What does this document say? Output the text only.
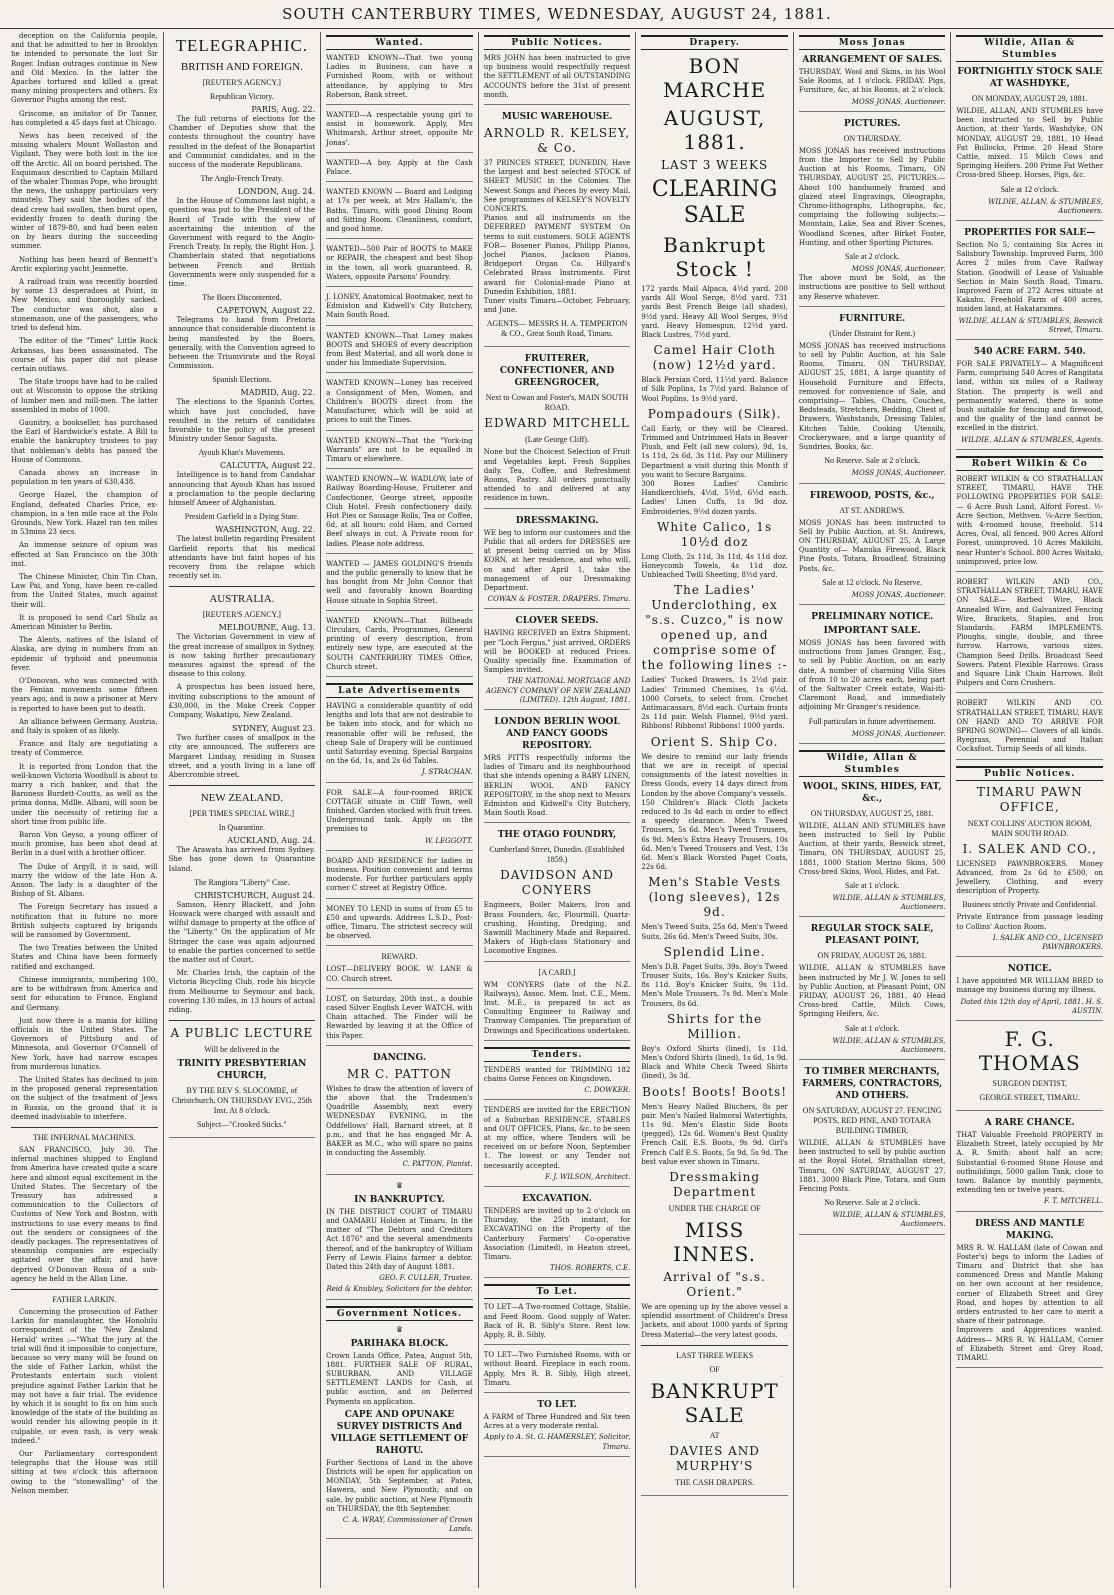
SOUTH CANTERBURY TIMES, WEDNESDAY, AUGUST 24, 1881.

deception on the California people, and that he admitted to her in Brooklyn he intended to personate the lost Sir Roger. Indian outrages continue in New and Old Mexico. In the latter the Apaches tortured and killed a great many mining prospecters and others. Ex Governor Pughs among the rest.

Griscome, an imitator of Dr Tanner, has completed a 45 days fast at Chicago.

News has been received of the missing whalers Mount Wollaston and Vigilant. They were both lost in the ice off the Arctic. All on board perished. The Esquimaux described to Captain Millard of the whaler Thomas Pope, who brought the news, the unhappy particulars very minutely. They said the bodies of the dead crew had swollen, then burst open, evidently frozen to death during the winter of 1879-80, and had been eaten on by bears during the succeeding summer.

Nothing has been heard of Bennett's Arctic exploring yacht Jeannette.

A railroad train was recently boarded by some 13 desperadoes at Point, in New Mexico, and thoroughly sacked. The conductor was shot, also a stonemason, one of the passengers, who tried to defend him.

The editor of the "Times" Little Rock Arkansas, has been assassinated. The course of his paper did not please certain outlaws.

The State troops have had to be called out at Wisconsin to oppose the striking of lumber men and mill-men. The latter assembled in mobs of 1000.

Gaunitry, a bookseller, has purchased the Earl of Hardwicke's estate. A Bill to enable the bankruptcy trustees to pay that nobleman's debts has passed the House of Commons.

Canada shows an increase in population in ten years of 630,438.

George Hazel, the champion of England, defeated Charles Price, ex-champion, in a ten mile race at the Polo Grounds, New York. Hazel ran ten miles in 53mins 23 secs.

An immense seizure of opium was effected at San Francisco on the 30th inst.

The Chinese Minister, Chin Tin Chan, Law Pai, and Yong, have been re-called from the United States, much against their will.

It is proposed to send Carl Shulz as American Minister to Berlin.

The Alents, natives of the Island of Alaska, are dying in numbers from an epidemic of typhoid and pneumonia fever.

O'Donovan, who was connected with the Fenian movements some fifteen years ago, and is now a prisoner at Merv is reported to have been put to death.

An alliance between Germany, Austria, and Italy is spoken of as likely.

France and Italy are negotiating a treaty of Commerce.

It is reported from London that the well-known Victoria Woodhull is about to marry a rich banker, and that the Baroness Burdett-Coutts, as well as the prima donna, Mdlle. Albani, will soon be under the necessity of retiring for a short time from public life.

Baron Von Geyso, a young officer of much promise, has been shot dead at Berlin in a duel with a brother officer.

The Duke of Argyll, it is said, will marry the widow of the late Hon A. Anson. The lady is a daughter of the Bishop of St. Albans.

The Foreign Secretary has issued a notification that in future no more British subjects captured by brigands will be ransomed by Government.

The two Treaties between the United States and China have been formerly ratified and exchanged.

Chinese immigrants, numbering 100, are to be withdrawn from America and sent for education to France, England and Germany.

Just now there is a mania for killing officials in the United States. The Governors of Pittsburg and of Minnesota, and Governor O'Connell of New York, have had narrow escapes from murderous lunatics.

The United States has declined to join in the proposed general representation on the subject of the treatment of Jews in Russia, on the ground that it is deemed inadvisable to interfere.

THE INFERNAL MACHINES.

SAN FRANCISCO, July 30. The infernal machines shipped to England from America have created quite a scare here and almost equal excitement in the United States. The Secretary of the Treasury has addressed a communication to the Collectors of Customs of New York and Boston, with instructions to use every means to find out the senders or consignees of the deadly packages. The representatives of steamship companies are especially agitated over the affair, and have deprived O'Donovan Rossa of a sub-agency he held in the Allan Line.

FATHER LARKIN.

Concerning the prosecution of Father Larkin for manslaughter, the Honolulu correspondent of the 'New Zealand Herald' writes :—"What the jury at the trial will find it impossible to conjecture, because so very many will be found on the side of Father Larkin, whilst the Protestants entertain such violent prejudice against Father Larkin that he may not have a fair trial. The evidence by which it is sought to fix on him such knowledge of the state of the building as would render his allowing people in it culpable, or even rash, is very weak indeed."

Our Parliamentary correspondent telegraphs that the House was still sitting at two o'clock this afternoon owing to the "stonewalling" of the Nelson member.

TELEGRAPHIC.
BRITISH AND FOREIGN.
[REUTER'S AGENCY.]
Republican Victory.
PARIS, Aug. 22.

The full returns of elections for the Chamber of Deputies show that the contests throughout the country have resulted in the defeat of the Bonapartist and Communist candidates, and in the success of the moderate Republicans.

The Anglo-French Treaty.
LONDON, Aug. 24.

In the House of Commons last night, a question was put to the President of the Board of Trade with the view of ascertaining the intention of the Government with regard to the Anglo-French Treaty. In reply, the Right Hon. J. Chamberlain stated that negotiations between French and British Governments were only suspended for a time.

The Boers Discontented.
CAPETOWN, August 22.

Telegrams to hand from Pretoria announce that considerable discontent is being manifested by the Boers, generally, with the Convention agreed to between the Triumvirate and the Royal Commission.

Spanish Elections.
MADRID, Aug. 22.

The elections to the Spanish Cortes, which have just concluded, have resulted in the return of candidates favorable to the policy of the present Ministry under Senor Sagasta.

Ayoub Khan's Movements.
CALCUTTA, August 22.

Intelligence is to hand from Candahar announcing that Ayoub Khan has issued a proclamation to the people declaring himself Ameer of Afghanistan.

President Garfield in a Dying State.
WASHINGTON, Aug. 22.

The latest bulletin regarding President Garfield reports that his medical attendants have but faint hopes of his recovery from the relapse which recently set in.

AUSTRALIA.
[REUTER'S AGENCY.]
MELBOURNE, Aug. 13.

The Victorian Government in view of the great increase of smallpox in Sydney, is now taking further precautionary measures against the spread of the disease to this colony.

A prospectus has been issued here, inviting subscriptions to the amount of £30,000, in the Moke Creek Copper Company, Wakatipu, New Zealand.

SYDNEY, August 23.

Two further cases of smallpox in the city are announced. The sufferers are Margaret Lindsay, residing in Sussex street, and a youth living in a lane off Abercrombie street.

NEW ZEALAND.
[PER TIMES SPECIAL WIRE.]
In Quarantine.
AUCKLAND, Aug. 24.

The Arawata has arrived from Sydney. She has gone down to Quarantine Island.

The Rangiora "Liberty" Case.
CHRISTCHURCH, August 24.

Samson, Henry Blackett, and John Hoswack were charged with assault and wilful damage to property at the office of the "Liberty." On the application of Mr Stringer the case was again adjourned to enable the parties concerned to settle the matter out of Court.

Mr. Charles Irish, the captain of the Victoria Bicycling Club, rode his bicycle from Melbourne to Seymour and back, covering 130 miles, in 13 hours of actual riding.

A PUBLIC LECTURE
Will be delivered in the
TRINITY PRESBYTERIAN CHURCH,
BY THE REV S. SLOCOMBE, of Christchurch, ON THURSDAY EVG., 25th Inst. At 8 o'clock.
Subject—"Crooked Sticks."
Wanted.
WANTED KNOWN—That two young Ladies in Business, can have a Furnished Room, with or without attendance, by applying to Mrs Roberson, Bank street.
WANTED—A respectable young girl to assist in housework. Apply, Mrs Whitmarsh, Arthur street, opposite Mr Jonas'.
WANTED—A boy. Apply at the Cash Palace.
WANTED KNOWN — Board and Lodging at 17s per week, at Mrs Hallam's, the Baths, Timaru, with good Dining Room and Sitting Room. Cleanliness, comfort, and good home.
WANTED—500 Pair of BOOTS to MAKE or REPAIR, the cheapest and best Shop in the town, all work guaranteed. R. Waters, opposite Parsons' Foundry.
J. LONEY, Anatomical Bootmaker, next to Edmiston and Kidwell's City Butchery, Main South Road.
WANTED KNOWN—That Loney makes BOOTS and SHOES of every description from Best Material, and all work done is under his Immediate Supervision.
WANTED KNOWN—Loney has received a Consignment of Men, Women, and Children's BOOTS direct from the Manufacturer, which will be sold at prices to suit the Times.
WANTED KNOWN—That the "York-ing Warrants" are not to be equalled in Timaru or elsewhere.
WANTED KNOWN—W. WADLOW, late of Railway Boarding-House, Fruiterer and Confectioner, George street, opposite Club Hotel. Fresh confectionery daily. Hot Pies or Sausage Rolls, Tea or Coffee, 6d, at all hours: cold Ham, and Corned Beef always in cut. A Private room for ladies. Please note address.
WANTED — JAMES GOLDING'S friends and the public generally to know that he has bought from Mr John Connor that well and favorably known Boarding House situate in Sophia Street.
WANTED KNOWN—That Billheads Circulars, Cards, Programmes, General printing of every description, from entirely new type, are executed at the SOUTH CANTERBURY TIMES Office, Church street.
Late Advertisements
HAVING a considerable quantity of odd lengths and lots that are not desirable to be taken into stock, and for which no reasonable offer will be refused, the cheap Sale of Drapery will be continued until Saturday evening. Special Bargains on the 6d, 1s, and 2s 6d Tables.
J. STRACHAN.
FOR SALE—A four-roomed BRICK COTTAGE situate in Cliff Town, well finished. Garden stocked with fruit trees. Underground tank. Apply on the premises to
W. LEGGOTT.
BOARD AND RESIDENCE for ladies in business. Position convenient and terms moderate. For further particulars apply corner C street at Registry Office.
MONEY TO LEND in sums of from £5 to £50 and upwards. Address L.S.D., Post-office, Timaru. The strictest secrecy will be observed.
REWARD.
LOST—DELIVERY BOOK. W. LANE & CO. Church street.
LOST, on Saturday, 20th inst., a double cased Silver English Lever WATCH, with Chain attached. The Finder will be Rewarded by leaving it at the Office of this Paper.
DANCING.
MR C. PATTON
Wishes to draw the attention of lovers of the above that the Tradesmen's Quadrille Assembly, next every WEDNESDAY EVENING, in the Oddfellows' Hall, Barnard street, at 8 p.m., and that he has engaged Mr A. BAKER as M.C., who will spare no pains in conducting the Assembly.
C. PATTON, Pianist.
♛
IN BANKRUPTCY.
IN THE DISTRICT COURT of TIMARU and OAMARU Holden at Timaru. In the matter of "The Debtors and Creditors Act 1876" and the several amendments thereof, and of the bankruptcy of William Ferry of Lewis Flains farmer a debtor. Dated this 24th day of August 1881.
GEO. F. CULLER, Trustee.
Reid & Knubley, Solicitors for the debtor.
Government Notices.
♛
PARIHAKA BLOCK.
Crown Lands Office, Patea, August 5th, 1881. FURTHER SALE OF RURAL, SUBURBAN, AND VILLAGE SETTLEMENT LANDS for Cash, at public auction, and on Deferred Payments on application.
CAPE AND OPUNAKE SURVEY DISTRICTS And VILLAGE SETTLEMENT OF RAHOTU.
Further Sections of Land in the above Districts will be open for application on MONDAY, 5th September, at Patea, Hawera, and New Plymouth; and on sale, by public auction, at New Plymouth on THURSDAY, the 8th September.
C. A. WRAY, Commissioner of Crown Lands.
Public Notices.
MRS JOHN has been instructed to give up business would respectfully request the SETTLEMENT of all OUTSTANDING ACCOUNTS before the 31st of present month.
MUSIC WAREHOUSE.
ARNOLD R. KELSEY, & Co.
37 PRINCES STREET, DUNEDIN, Have the largest and best selected STOCK of SHEET MUSIC in the Colonies. The Newest Songs and Pieces by every Mail. See programmes of KELSEY'S NOVELTY CONCERTS.
Pianos and all instruments on the DEFERRED PAYMENT SYSTEM On terms to suit customers. SOLE AGENTS FOR— Bosener Pianos, Philipp Pianos, Jochel Pianos, Jackson Pianos, Bridgeport Organ Co. Hillyard's Celebrated Brass Instruments. First award for Colonial-made Piano at Dunedin Exhibition, 1881.
Tuner visits Timaru—October, February, and June.
AGENTS— MESSRS H. A. TEMPERTON & CO., Great South Road, Timaru.
FRUITERER, CONFECTIONER, AND GREENGROCER,
Next to Cowan and Foster's, MAIN SOUTH ROAD.
EDWARD MITCHELL
(Late George Cliff).
None but the Choicest Selection of Fruit and Vegetables kept. Fresh Supplies daily. Tea, Coffee, and Refreshment Rooms, Pastry. All orders punctually attended to and delivered at any residence in town.
DRESSMAKING.
WE beg to inform our customers and the Public that all orders for DRESSES are at present being carried on by Miss KORN, at her residence, and who will, on and after April 1, take the management of our Dressmaking Department.
COWAN & FOSTER, DRAPERS. Timaru.
CLOVER SEEDS.
HAVING RECEIVED an Extra Shipment, per "Loch Fergus," just arrived, ORDERS will be BOOKED at reduced Prices. Quality specially fine. Examination of Samples invited.
THE NATIONAL MORTGAGE AND AGENCY COMPANY OF NEW ZEALAND (LIMITED). 12th August, 1881.
LONDON BERLIN WOOL AND FANCY GOODS REPOSITORY.
MRS PITTS respectfully informs the ladies of Timaru and its neighbourhood that she intends opening a BABY LINEN, BERLIN WOOL AND FANCY REPOSITORY, in the shop next to Messrs Edmiston and Kidwell's City Butchery, Main South Road.
THE OTAGO FOUNDRY,
Cumberland Street, Dunedin. (Established 1859.)
DAVIDSON AND CONYERS
Engineers, Boiler Makers, Iron and Brass Founders, &c, Flourmill, Quartz-crushing, Hoisting, Dredging, and Sawmill Machinery Made and Repaired. Makers of High-class Stationary and Locomotive Engines.
[A CARD.]
WM CONYERS (late of the N.Z. Railways), Assoc. Mem. Inst. C.E., Mem. Inst. M.E., is prepared to act as Consulting Engineer to Railway and Tramway Companies. The preparation of Drawings and Specifications undertaken.
Tenders.
TENDERS wanted for TRIMMING 182 chains Gorse Fences on Kingsdown.
C. DOWKER.
TENDERS are invited for the ERECTION of a Suburban RESIDENCE, STABLES and OUT OFFICES, Plans, &c, to be seen at my office, where Tenders will be received on or before Noon, September 1. The lowest or any Tender not necessarily accepted.
F. J. WILSON, Architect.
EXCAVATION.
TENDERS are invited up to 2 o'clock on Thursday, the 25th instant, for EXCAVATING on the Property of the Canterbury Farmers' Co-operative Association (Limited), in Heaton street, Timaru.
THOS. ROBERTS, C.E.
To Let.
TO LET—A Two-roomed Cottage, Stable, and Feed Room. Good supply of Water. Back of R. B. Sibly's Store. Rent low. Apply, R. B. Sibly.
TO LET—Two Furnished Rooms, with or without Board. Fireplace in each room. Apply, Mrs R. B. Sibly, High street, Timaru.
TO LET.
A FARM of Three Hundred and Six teen Acres at a very moderate rental.
Apply to A. St. G. HAMERSLEY, Solicitor, Timaru.
Drapery.
BON MARCHE
AUGUST, 1881.
LAST 3 WEEKS
CLEARING SALE
Bankrupt Stock !
172 yards Mail Alpaca, 4½d yard. 200 yards All Wool Serge, 8½d yard. 731 yards Best French Beige (all shades), 9½d yard. Heavy All Wool Serges, 9½d yard. Heavy Homespun, 12½d yard. Black Lustres, 7½d yard.
Camel Hair Cloth (now) 12½d yard.
Black Persian Cord, 11½d yard. Balance of Silk Poplins, 1s 7½d yard. Balance of Wool Poplins, 1s 9½d yard.
Pompadours (Silk).
Call Early, or they will be Cleared. Trimmed and Untrimmed Hats in Beaver Plush, and Felt (all new colors), 9d, 1s, 1s 11d, 2s 6d, 3s 11d. Pay our Millinery Department a visit during this Month if you want to Secure Bargains.
300 Boxes Ladies' Cambric Handkerchiefs, 4½d, 5½d, 6½d each. Ladies' Linen Cuffs, 1s 9d doz. Embroideries, 9½d dozen yards.
White Calico, 1s 10½d doz
Long Cloth, 2s 11d, 3s 11d, 4s 11d doz. Honeycomb Towels, 4s 11d doz. Unbleached Twill Sheeting, 8½d yard.
The Ladies' Underclothing, ex "s.s. Cuzco," is now opened up, and comprise some of the following lines :-
Ladies' Tucked Drawers, 1s 2½d pair. Ladies' Trimmed Chemises, 1s 6½d. 1000 Corsets, to select from. Crochet Antimacassars, 8½d each. Curtain fronts 2s 11d pair. Welsh Flannel, 9½d yard. Ribbons! Ribbons! Ribbons! 1000 yards.
Orient S. Ship Co.
We desire to remind our lady friends that we are in receipt of special consignments of the latest novelties in Dress Goods, every 14 days direct from London by the above Company's vessels.
150 Children's Black Cloth Jackets reduced to 3s 4d each in order to effect a speedy clearance. Men's Tweed Trousers, 5s 6d. Men's Tweed Trousers, 6s 9d. Men's Extra Heavy Trousers, 10s 6d. Men's Tweed Trousers and Vest, 13s 6d. Men's Black Worsted Paget Coats, 22s 6d.
Men's Stable Vests (long sleeves), 12s 9d.
Men's Tweed Suits, 25s 6d. Men's Tweed Suits, 26s 6d. Men's Tweed Suits, 30s.
Splendid Line.
Men's D.B. Paget Suits, 39s. Boy's Tweed Trouser Suits, 16s. Boy's Knicker Suits, 8s 11d. Boy's Knicker Suits, 9s 11d. Men's Mole Trousers, 7s 9d. Men's Mole Trousers, 8s 6d.
Shirts for the Million.
Boy's Oxford Shirts (lined), 1s 11d. Men's Oxford Shirts (lined), 1s 6d, 1s 9d. Black and White Check Tweed Shirts (lined), 3s 3d.
Boots! Boots! Boots!
Men's Heavy Nailed Bluchers, 8s per pair. Men's Nailed Balmoral Watertights, 11s 9d. Men's Elastic Side Boots (pegged), 12s 6d. Women's Best Quality French Calf, E.S. Boots, 9s 9d. Girl's French Calf E.S. Boots, 5s 9d, 5s 9d. The best value ever shown in Timaru.
Dressmaking Department
UNDER THE CHARGE OF
MISS INNES.
Arrival of "s.s. Orient."
We are opening up by the above vessel a splendid assortment of Children's Dress Jackets, and about 1000 yards of Spring Dress Material—the very latest goods.
LAST THREE WEEKS
OF
BANKRUPT SALE
AT
DAVIES AND MURPHY'S
THE CASH DRAPERS.
Moss Jonas
ARRANGEMENT OF SALES.
THURSDAY. Wool and Skins, in his Wool Sale Rooms, at 1 o'clock. FRIDAY. Pigs, Furniture, &c, at his Rooms, at 2 o'clock.
MOSS JONAS, Auctioneer.
PICTURES.
ON THURSDAY.
MOSS JONAS has received instructions from the Importer to Sell by Public Auction at his Rooms, Timaru, ON THURSDAY, AUGUST 25, PICTURES.—About 100 handsomely framed and glazed steel Engravings, Oleographs, Chromo-lithographs, Lithographs, &c, comprising the following subjects:— Mountain, Lake, Sea and River Scenes, Woodland Scenes, after Birket Foster, Hunting, and other Sporting Pictures.
Sale at 2 o'clock.
MOSS JONAS, Auctioneer.
The above must be Sold, as the instructions are positive to Sell without any Reserve whatever.
FURNITURE.
(Under Distraint for Rent.)
MOSS JONAS has received instructions to sell by Public Auction, at his Sale Rooms, Timaru, ON THURSDAY, AUGUST 25, 1881, A large quantity of Household Furniture and Effects, removed for convenience of Sale, and comprising— Tables, Chairs, Couches, Bedsteads, Stretchers, Bedding, Chest of Drawers, Washstands, Dressing Tables, Kitchen Table, Cooking Utensils, Crockeryware, and a large quantity of Sundries, Books, &c.
No Reserve. Sale at 2 o'clock.
MOSS JONAS, Auctioneer.
FIREWOOD, POSTS, &c.,
AT ST. ANDREWS.
MOSS JONAS has been instructed to Sell by Public Auction, at St. Andrews, ON THURSDAY, AUGUST 25, A Large Quantity of— Manuka Firewood, Black Pine Posts, Totara, Broadleaf, Straining Posts, &c.
Sale at 12 o'clock. No Reserve.
MOSS JONAS, Auctioneer.
PRELIMINARY NOTICE.
IMPORTANT SALE.
MOSS JONAS has been favored with instructions from James Granger, Esq., to sell by Public Auction, on an early date, A number of charming Villa Sites of from 10 to 20 acres each, being part of the Saltwater Creek estate, Wai-iti-Claremont Road, and immediately adjoining Mr Granger's residence.
Full particulars in future advertisement.
MOSS JONAS, Auctioneer.
Wildie, Allan & Stumbles
WOOL, SKINS, HIDES, FAT, &c.,
ON THURSDAY, AUGUST 25, 1881.
WILDIE, ALLAN AND STUMBLES have been instructed to Sell by Public Auction, at their yards, Beswick street, Timaru, ON THURSDAY, AUGUST 25, 1881, 1000 Station Merino Skins, 500 Cross-bred Skins, Wool, Hides, and Fat.
Sale at 1 o'clock.
WILDIE, ALLAN & STUMBLES, Auctioneers.
REGULAR STOCK SALE, PLEASANT POINT,
ON FRIDAY, AUGUST 26, 1881.
WILDIE, ALLAN & STUMBLES have been instructed by Mr J. W. Jones to sell by Public Auction, at Pleasant Point, ON FRIDAY, AUGUST 26, 1881, 40 Head Cross-bred Cattle, Milch Cows, Springing Heifers, &c.
Sale at 1 o'clock.
WILDIE, ALLAN & STUMBLES, Auctioneers.
TO TIMBER MERCHANTS, FARMERS, CONTRACTORS, AND OTHERS.
ON SATURDAY, AUGUST 27. FENCING POSTS, RED PINE, AND TOTARA BUILDING TIMBER.
WILDIE, ALLAN & STUMBLES have been instructed to sell by public auction at the Royal Hotel, Strathallan street, Timaru, ON SATURDAY, AUGUST 27, 1881, 3000 Black Pine, Totara, and Gum Fencing Posts.
No Reserve. Sale at 2 o'clock.
WILDIE, ALLAN & STUMBLES, Auctioneers.
Wildie, Allan & Stumbles
FORTNIGHTLY STOCK SALE AT WASHDYKE,
ON MONDAY, AUGUST 29, 1881.
WILDIE, ALLAN, AND STUMBLES have been instructed to Sell by Public Auction, at their Yards, Washdyke, ON MONDAY, AUGUST 29, 1881, 10 Head Fat Bullocks, Prime. 20 Head Store Cattle, mixed. 15 Milch Cows and Springing Heifers. 200 Prime Fat Wether Cross-bred Sheep. Horses, Pigs, &c.
Sale at 12 o'clock.
WILDIE, ALLAN, & STUMBLES, Auctioneers.
PROPERTIES FOR SALE—
Section No 5, containing Six Acres in Salisbury Township. Improved Farm, 300 Acres 2 miles from Cave Railway Station. Goodwill of Lease of Valuable Section in Main South Road, Timaru. Improved Farm of 272 Acres situate at Kakahu. Freehold Farm of 400 acres, maiden land, at Hakataramea.
WILDIE, ALLAN & STUMBLES, Beswick Street, Timaru.
540 ACRE FARM. 540.
FOR SALE PRIVATELY— A Magnificent Farm, comprising 540 Acres of Rangitata land, within six miles of a Railway Station. The property is well and permanently watered, there is some bush suitable for fencing and firewood, and the quality of the land cannot be excelled in the district.
WILDIE, ALLAN & STUMBLES, Agents.
Robert Wilkin & Co
ROBERT WILKIN & CO STRATHALLAN STREET, TIMARU, HAVE THE FOLLOWING PROPERTIES FOR SALE:— 6 Acre Bush Land, Alford Forest. ½-Acre Section, Methven. ¼-Acre Section, with 4-roomed house, freehold. 514 Acres, Oval, all fenced. 900 Acres Alford Forest, unimproved. 10 Acres Makikihi, near Hunter's School. 800 Acres Waitaki, unimproved, price low.
ROBERT WILKIN AND CO., STRATHALLAN STREET, TIMARU, HAVE ON SALE— Barbed Wire, Black Annealed Wire, and Galvanized Fencing Wire, Brackets, Staples, and Iron Standards. FARM IMPLEMENTS. Ploughs, single, double, and three furrow. Harrows, various sizes. Champion Seed Drills. Broadcast Seed Sowers. Patent Flexible Harrows. Grass and Square Link Chain Harrows. Bolt Pulpers and Corn Crushers.
ROBERT WILKIN AND CO. STRATHALLAN STREET, TIMARU, HAVE ON HAND AND TO ARRIVE FOR SPRING SOWING— Clovers of all kinds. Ryegrass, Perennial and Italian Cocksfoot. Turnip Seeds of all kinds.
Public Notices.
TIMARU PAWN OFFICE,
NEXT COLLINS' AUCTION ROOM, MAIN SOUTH ROAD.
I. SALEK AND CO.,
LICENSED PAWNBROKERS. Money Advanced, from 2s 6d to £500, on Jewellery, Clothing, and every description of Property.
Business strictly Private and Confidential.
Private Entrance from passage leading to Collins' Auction Room.
I. SALEK AND CO., LICENSED PAWNBROKERS.
NOTICE.
I have appointed MR WILLIAM BRED to manage my business during my illness.
Dated this 12th day of April, 1881. H. S. AUSTIN.
F. G. THOMAS
SURGEON DENTIST,
GEORGE STREET, TIMARU.
A RARE CHANCE.
THAT Valuable Freehold PROPERTY in Elizabeth Street, lately occupied by Mr A. R. Smith: about half an acre; Substantial 6-roomed Stone House and outbuildings, 5000 gallon Tank, close to town. Balance by monthly payments, extending ten or twelve years.
F. T. MITCHELL.
DRESS AND MANTLE MAKING.
MRS R. W. HALLAM (late of Cowan and Foster's) begs to inform the Ladies of Timaru and District that she has commenced Dress and Mantle Making on her own account at her residence, corner of Elizabeth Street and Grey Road, and hopes by attention to all orders entrusted to her care to merit a share of their patronage.
Improvers and Apprentices wanted. Address— MRS R. W. HALLAM, Corner of Elizabeth Street and Grey Road, TIMARU.
